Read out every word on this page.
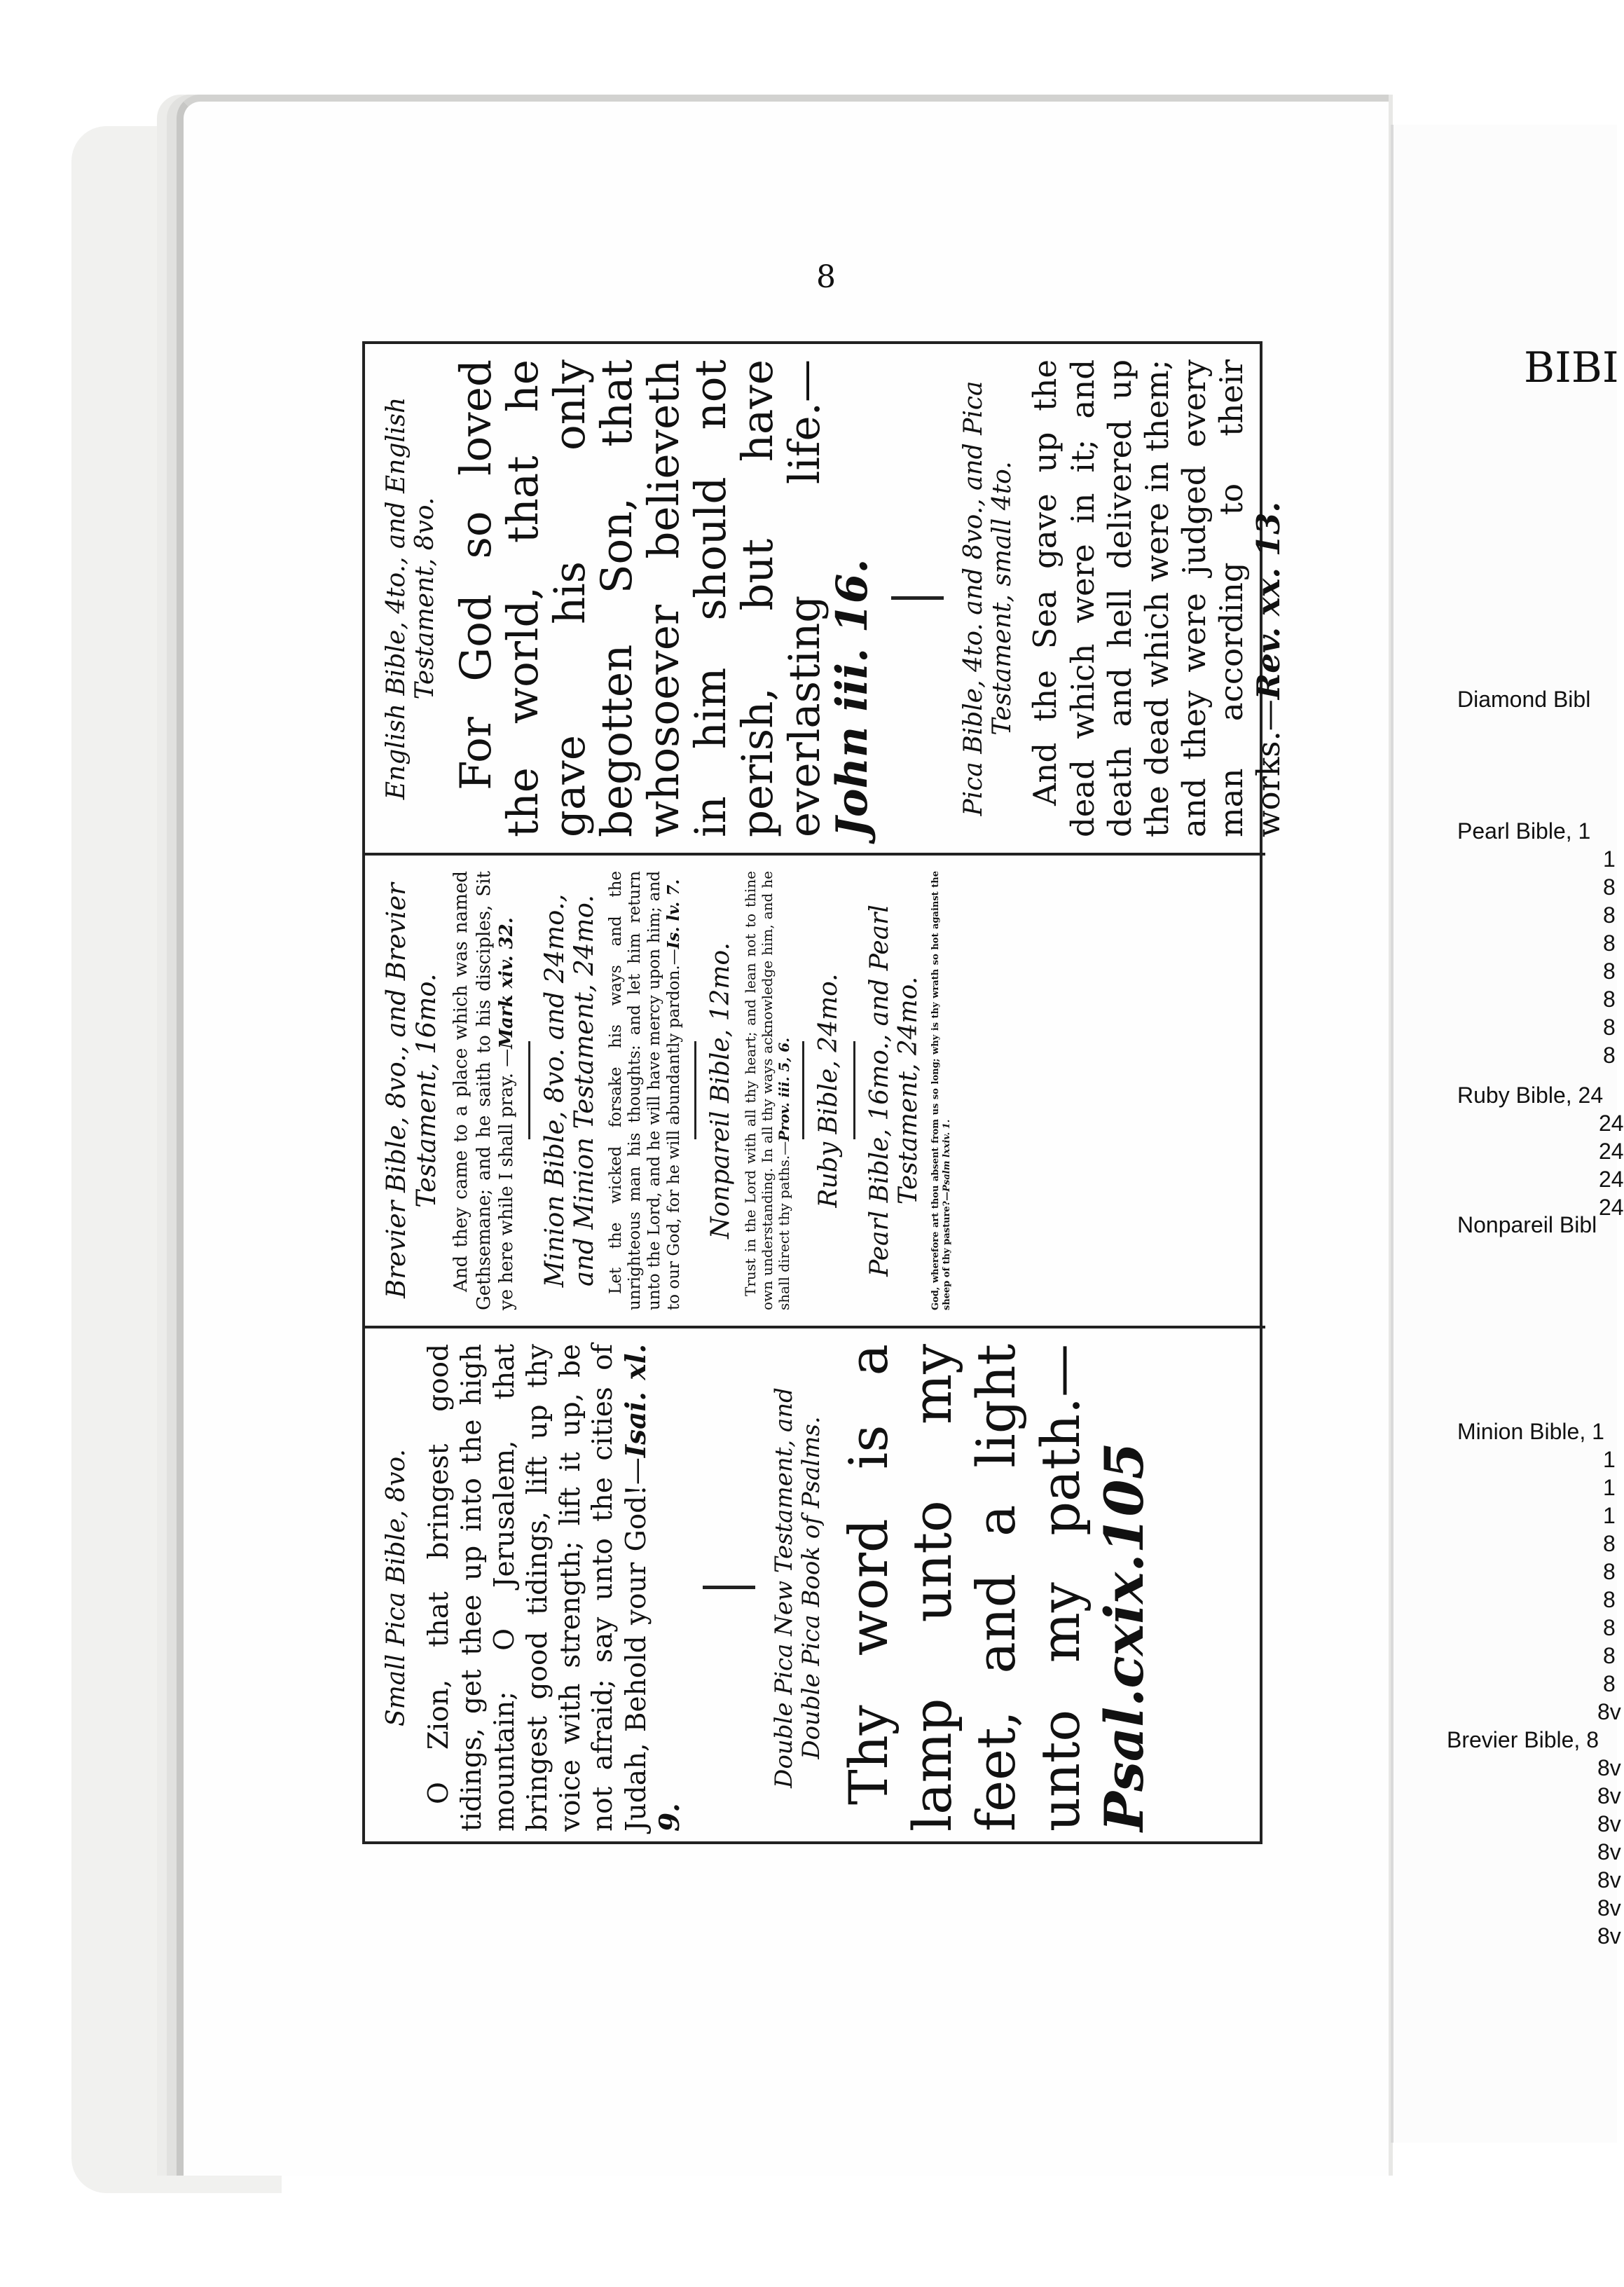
8

Small Pica Bible, 8vo. O Zion, that bringest good tidings, get thee up into the high mountain; O Jerusalem, that bringest good tidings, lift up thy voice with strength; lift it up, be not afraid; say unto the cities of Judah, Behold your God!—Isai. xl. 9.

Double Pica New Testament, and Double Pica Book of Psalms. Thy word is a lamp unto my feet, and a light unto my path.—Psal.cxix.105

Brevier Bible, 8vo., and Brevier Testament, 16mo. And they came to a place which was named Gethsemane; and he saith to his disciples, Sit ye here while I shall pray. —Mark xiv. 32. Minion Bible, 8vo. and 24mo., and Minion Testament, 24mo. Let the wicked forsake his ways and the unrighteous man his thoughts: and let him return unto the Lord, and he will have mercy upon him; and to our God, for he will abundantly pardon.—Is. lv. 7.

Nonpareil Bible, 12mo. Trust in the Lord with all thy heart; and lean not to thine own understanding. In all thy ways acknowledge him, and he shall direct thy paths.—Prov. iii. 5, 6. Ruby Bible, 24mo. Pearl Bible, 16mo., and Pearl Testament, 24mo. God, wherefore art thou absent from us so long; why is thy wrath so hot against the sheep of thy pasture?—Psalm lxxiv. 1.

English Bible, 4to., and English Testament, 8vo. For God so loved the world, that he gave his only begotten Son, that whosoever believeth in him should not perish, but have everlasting life.—John iii. 16.	Pica Bible, 4to. and 8vo., and Pica Testament, small 4to. And the Sea gave up the dead which were in it; and death and hell delivered up the dead which were in them; and they were judged every man according to their works.—Rev. xx. 13.

BIBI
Diamond Bibl
Pearl Bible, 1
1
8
8
8
8
8
8
Ruby Bible, 24
24
24
24
24
Nonpareil Bibl
Minion Bible, 1
1
1
1
8
8
8
8
8
8
8v
Brevier Bible, 8
8v
8v
8v
8v
8v
8v
8v
8
